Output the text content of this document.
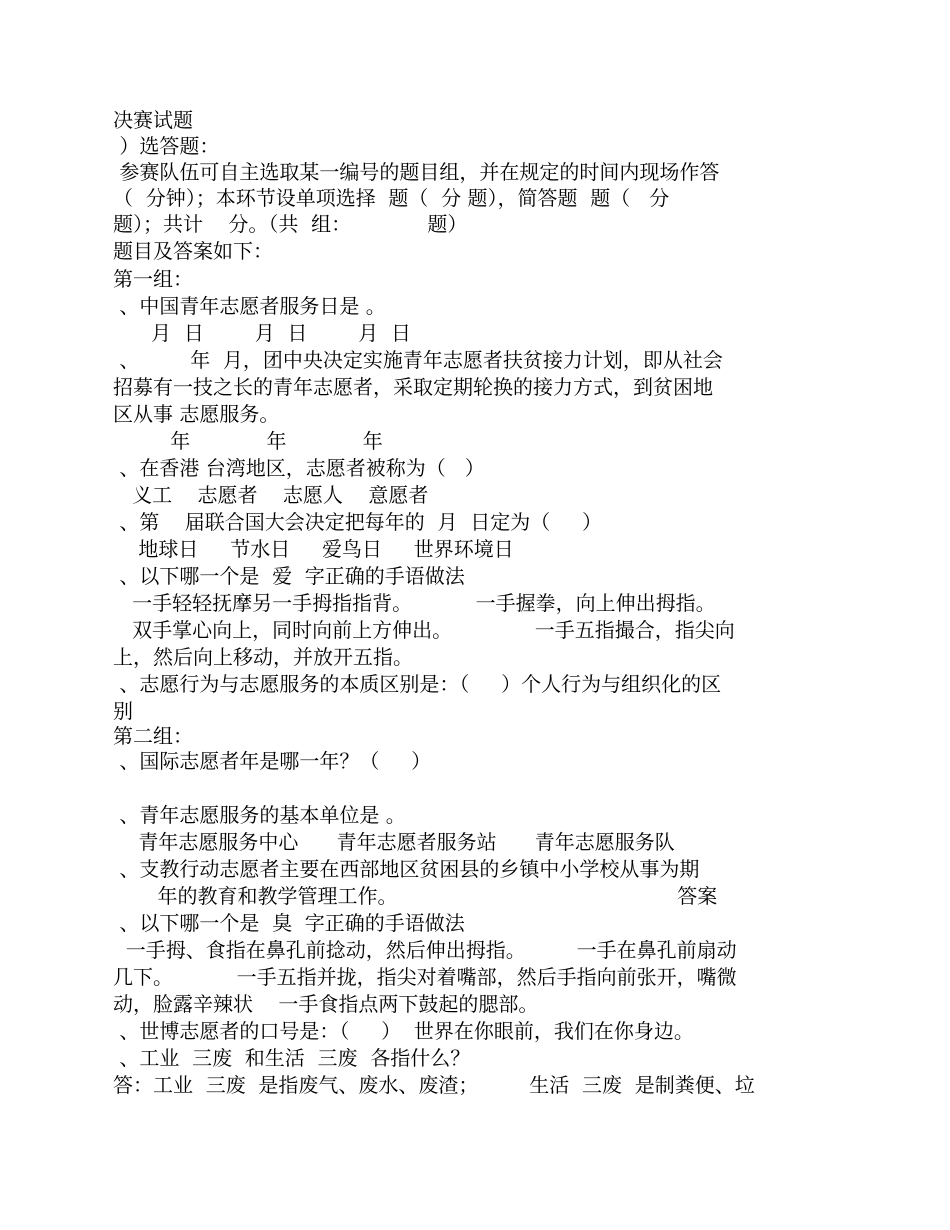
决赛试题

）选答题：

参赛队伍可自主选取某一编号的题目组，并在规定的时间内现场作答

（  分钟）；本环节设单项选择  题（  分 题），简答题  题（   分

题）；共计    分。（共  组：            题）

题目及答案如下：

第一组：

、中国青年志愿者服务日是 。

月  日        月  日        月  日

、        年  月，团中央决定实施青年志愿者扶贫接力计划，即从社会

招募有一技之长的青年志愿者，采取定期轮换的接力方式，到贫困地

区从事 志愿服务。

年            年            年

、在香港 台湾地区，志愿者被称为（   ）

义工    志愿者    志愿人    意愿者

、第    届联合国大会决定把每年的  月  日定为（     ）

地球日     节水日     爱鸟日     世界环境日

、以下哪一个是  爱  字正确的手语做法

一手轻轻抚摩另一手拇指指背。          一手握拳，向上伸出拇指。

双手掌心向上，同时向前上方伸出。             一手五指撮合，指尖向

上，然后向上移动，并放开五指。

、志愿行为与志愿服务的本质区别是：（     ）个人行为与组织化的区

别

第二组：

、国际志愿者年是哪一年？（     ）

、青年志愿服务的基本单位是 。

青年志愿服务中心      青年志愿者服务站      青年志愿服务队

、支教行动志愿者主要在西部地区贫困县的乡镇中小学校从事为期

年的教育和教学管理工作。                                            答案

、以下哪一个是  臭  字正确的手语做法

一手拇、食指在鼻孔前捻动，然后伸出拇指。        一手在鼻孔前扇动

几下。          一手五指并拢，指尖对着嘴部，然后手指向前张开，嘴微

动，脸露辛辣状    一手食指点两下鼓起的腮部。

、世博志愿者的口号是：（     ）  世界在你眼前，我们在你身边。

、工业  三废  和生活  三废  各指什么？

答：工业  三废  是指废气、废水、废渣；        生活  三废  是制粪便、垃
